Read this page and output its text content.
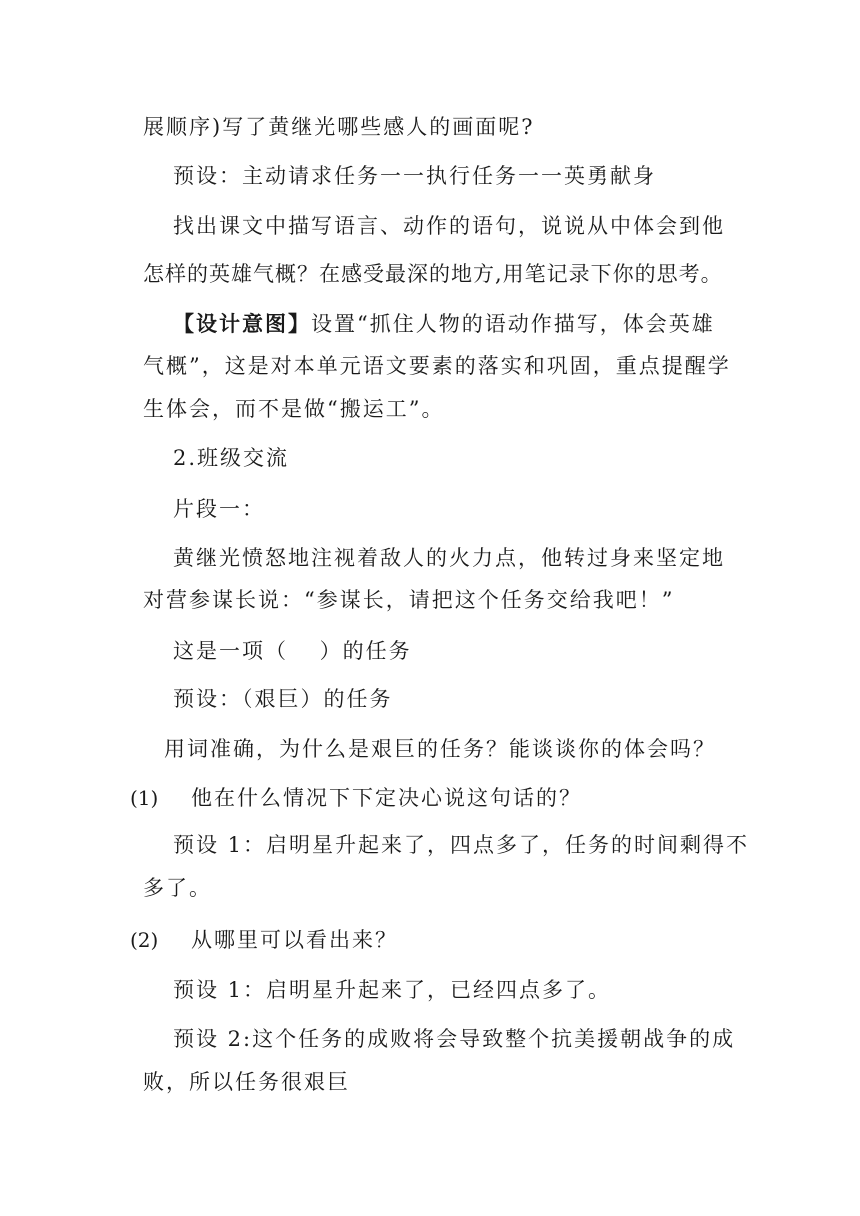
展顺序)写了黄继光哪些感人的画面呢?
预设：主动请求任务一一执行任务一一英勇献身
找出课文中描写语言、动作的语句，说说从中体会到他
怎样的英雄气概？在感受最深的地方,用笔记录下你的思考。
【设计意图】设置“抓住人物的语动作描写，体会英雄
气概”，这是对本单元语文要素的落实和巩固，重点提醒学
生体会，而不是做“搬运工”。
2.班级交流
片段一：
黄继光愤怒地注视着敌人的火力点，他转过身来坚定地
对营参谋长说：“参谋长，请把这个任务交给我吧！”
这是一项（　 ）的任务
预设：（艰巨）的任务
用词准确，为什么是艰巨的任务？能谈谈你的体会吗？
(1) 他在什么情况下下定决心说这句话的？
预设 1：启明星升起来了，四点多了，任务的时间剩得不
多了。
(2) 从哪里可以看出来？
预设 1：启明星升起来了，已经四点多了。
预设 2:这个任务的成败将会导致整个抗美援朝战争的成
败，所以任务很艰巨
